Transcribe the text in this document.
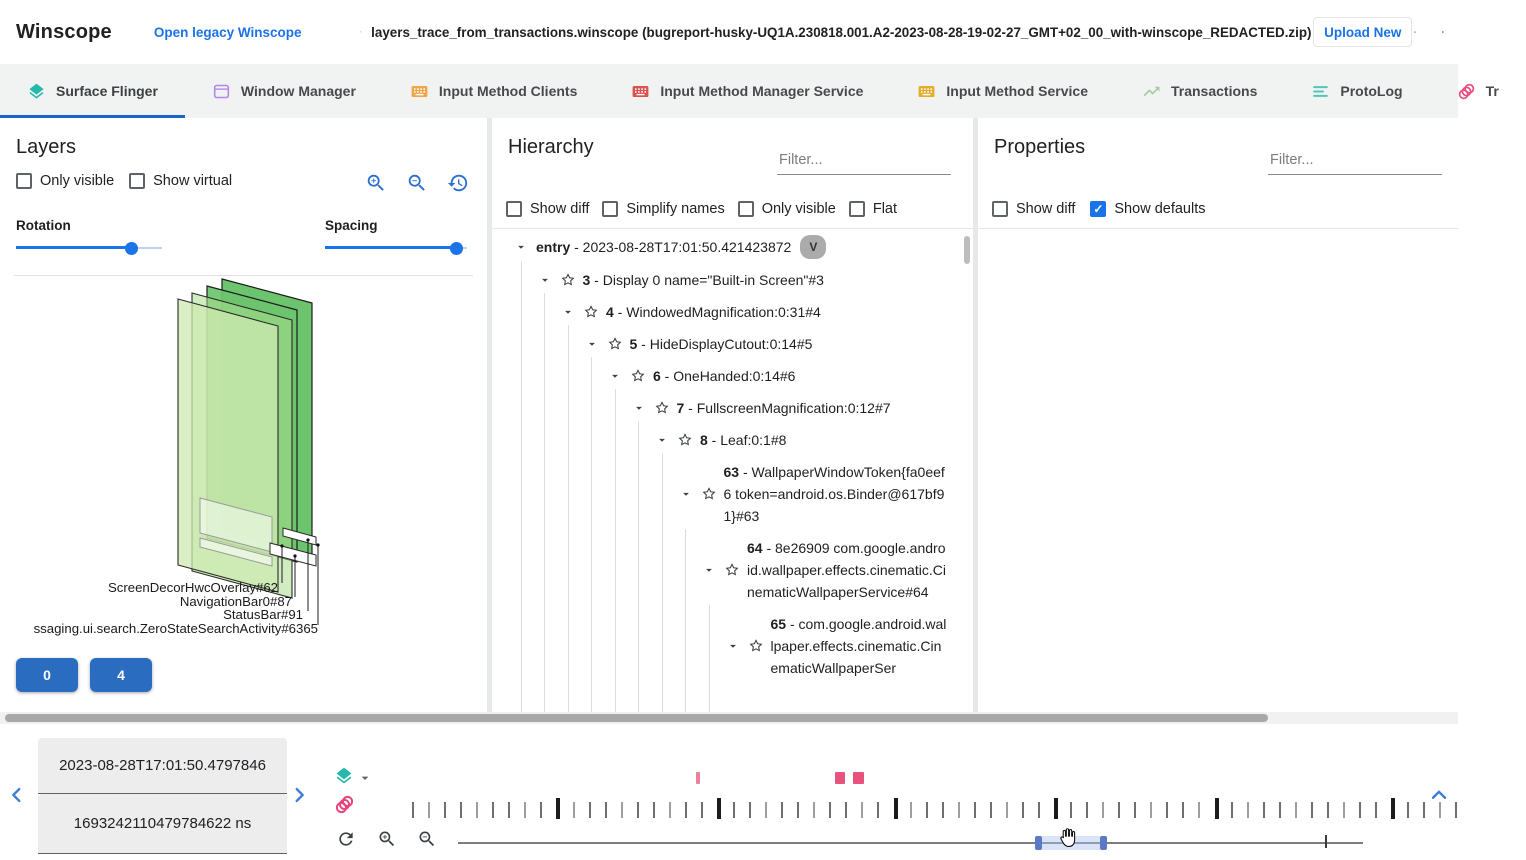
Winscope	Open legacy Winscope	layers_trace_from_transactions.winscope (bugreport-husky-UQ1A.230818.001.A2-2023-08-28-19-02-27_GMT+02_00_with-winscope_REDACTED.zip) Upload New
Surface Flinger	Window Manager	Input Method Clients	Input Method Manager Service	Input Method Service	Transactions	ProtoLog	Tr
Layers
Only visible	Show virtual
Rotation	Spacing
ScreenDecorHwcOverlay#62
NavigationBar0#87
StatusBar#91
ssaging.ui.search.ZeroStateSearchActivity#6365
0	4
Hierarchy
Filter...
Show diff	Simplify names	Only visible	Flat
entry - 2023-08-28T17:01:50.421423872 V
3 - Display 0 name="Built-in Screen"#3
4 - WindowedMagnification:0:31#4
5 - HideDisplayCutout:0:14#5
6 - OneHanded:0:14#6
7 - FullscreenMagnification:0:12#7
8 - Leaf:0:1#8
63 - WallpaperWindowToken{fa0eef6 token=android.os.Binder@617bf91}#63
64 - 8e26909 com.google.android.wallpaper.effects.cinematic.CinematicWallpaperService#64
65 - com.google.android.wallpaper.effects.cinematic.CinematicWallpaperSer
Properties
Filter...
Show diff ✓ Show defaults
2023-08-28T17:01:50.4797846
1693242110479784622 ns
